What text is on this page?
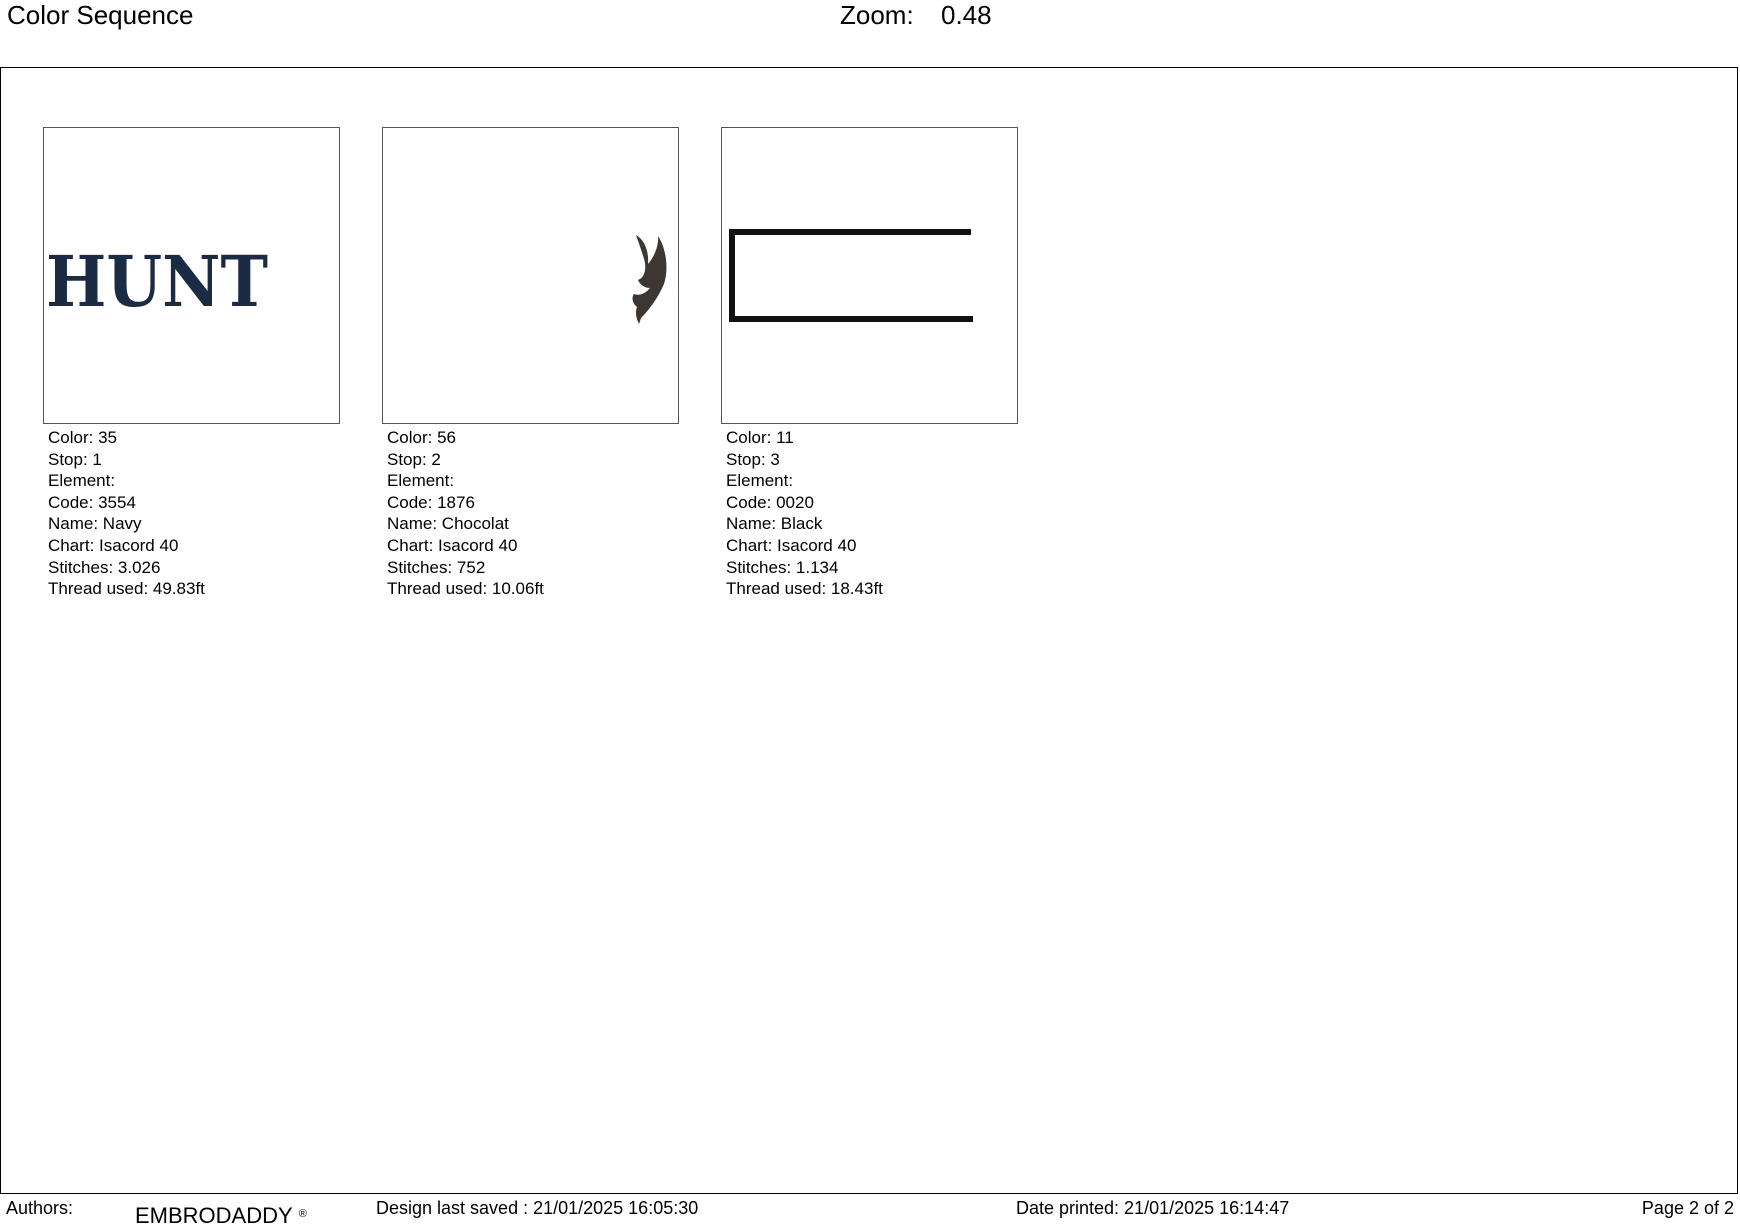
Color Sequence	Zoom: 0.48
HUNT
Color: 35
Stop: 1
Element:
Code: 3554
Name: Navy
Chart: Isacord 40
Stitches: 3.026
Thread used: 49.83ft
Color: 56
Stop: 2
Element:
Code: 1876
Name: Chocolat
Chart: Isacord 40
Stitches: 752
Thread used: 10.06ft
Color: 11
Stop: 3
Element:
Code: 0020
Name: Black
Chart: Isacord 40
Stitches: 1.134
Thread used: 18.43ft
Authors:	EMBRODADDY ®	Design last saved : 21/01/2025 16:05:30	Date printed: 21/01/2025 16:14:47	Page 2 of 2
